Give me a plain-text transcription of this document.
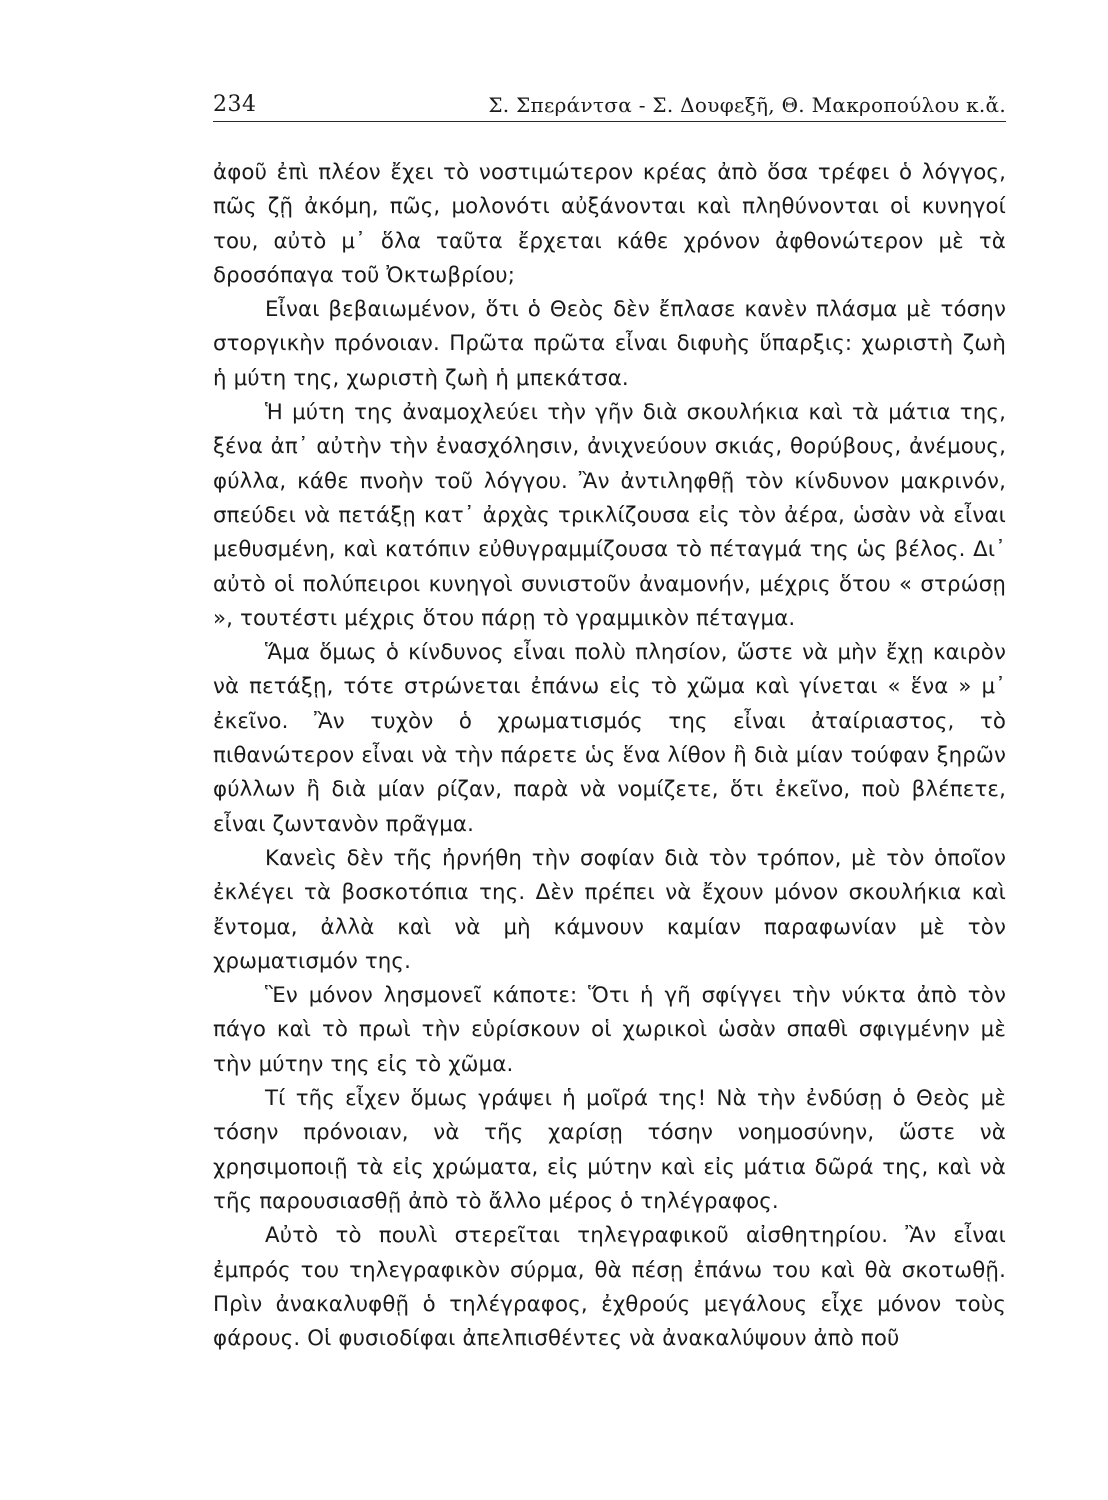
234	Σ. Σπεράντσα - Σ. Δουφεξῆ, Θ. Μακροπούλου κ.ἄ.

ἀφοῦ ἐπὶ πλέον ἔχει τὸ νοστιμώτερον κρέας ἀπὸ ὅσα τρέφει ὁ λόγγος, πῶς ζῇ ἀκόμη, πῶς, μολονότι αὐξάνονται καὶ πληθύνονται οἱ κυνηγοί του, αὐτὸ μ᾽ ὅλα ταῦτα ἔρχεται κάθε χρόνον ἀφθονώτερον μὲ τὰ δροσόπαγα τοῦ Ὀκτωβρίου;

Εἶναι βεβαιωμένον, ὅτι ὁ Θεὸς δὲν ἔπλασε κανὲν πλάσμα μὲ τόσην στοργικὴν πρόνοιαν. Πρῶτα πρῶτα εἶναι διφυὴς ὕπαρξις: χωριστὴ ζωὴ ἡ μύτη της, χωριστὴ ζωὴ ἡ μπεκάτσα.

Ἡ μύτη της ἀναμοχλεύει τὴν γῆν διὰ σκουλήκια καὶ τὰ μάτια της, ξένα ἀπ᾽ αὐτὴν τὴν ἐνασχόλησιν, ἀνιχνεύουν σκιάς, θορύβους, ἀνέμους, φύλλα, κάθε πνοὴν τοῦ λόγγου. Ἂν ἀντιληφθῇ τὸν κίνδυνον μακρινόν, σπεύδει νὰ πετάξῃ κατ᾽ ἀρχὰς τρικλίζουσα εἰς τὸν ἀέρα, ὡσὰν νὰ εἶναι μεθυσμένη, καὶ κατόπιν εὐθυγραμμίζουσα τὸ πέταγμά της ὡς βέλος. Δι᾽ αὐτὸ οἱ πολύπειροι κυνηγοὶ συνιστοῦν ἀναμονήν, μέχρις ὅτου « στρώσῃ », τουτέστι μέχρις ὅτου πάρῃ τὸ γραμμικὸν πέταγμα.

Ἅμα ὅμως ὁ κίνδυνος εἶναι πολὺ πλησίον, ὥστε νὰ μὴν ἔχῃ καιρὸν νὰ πετάξῃ, τότε στρώνεται ἐπάνω εἰς τὸ χῶμα καὶ γίνεται « ἕνα » μ᾽ ἐκεῖνο. Ἂν τυχὸν ὁ χρωματισμός της εἶναι ἀταίριαστος, τὸ πιθανώτερον εἶναι νὰ τὴν πάρετε ὡς ἕνα λίθον ἢ διὰ μίαν τούφαν ξηρῶν φύλλων ἢ διὰ μίαν ρίζαν, παρὰ νὰ νομίζετε, ὅτι ἐκεῖνο, ποὺ βλέπετε, εἶναι ζωντανὸν πρᾶγμα.

Κανεὶς δὲν τῆς ἠρνήθη τὴν σοφίαν διὰ τὸν τρόπον, μὲ τὸν ὁποῖον ἐκλέγει τὰ βοσκοτόπια της. Δὲν πρέπει νὰ ἔχουν μόνον σκουλήκια καὶ ἔντομα, ἀλλὰ καὶ νὰ μὴ κάμνουν καμίαν παραφωνίαν μὲ τὸν χρωματισμόν της.

Ἓν μόνον λησμονεῖ κάποτε: Ὅτι ἡ γῆ σφίγγει τὴν νύκτα ἀπὸ τὸν πάγο καὶ τὸ πρωὶ τὴν εὑρίσκουν οἱ χωρικοὶ ὡσὰν σπαθὶ σφιγμένην μὲ τὴν μύτην της εἰς τὸ χῶμα.

Τί τῆς εἶχεν ὅμως γράψει ἡ μοῖρά της! Νὰ τὴν ἐνδύσῃ ὁ Θεὸς μὲ τόσην πρόνοιαν, νὰ τῆς χαρίσῃ τόσην νοημοσύνην, ὥστε νὰ χρησιμοποιῇ τὰ εἰς χρώματα, εἰς μύτην καὶ εἰς μάτια δῶρά της, καὶ νὰ τῆς παρουσιασθῇ ἀπὸ τὸ ἄλλο μέρος ὁ τηλέγραφος.

Αὐτὸ τὸ πουλὶ στερεῖται τηλεγραφικοῦ αἰσθητηρίου. Ἂν εἶναι ἐμπρός του τηλεγραφικὸν σύρμα, θὰ πέσῃ ἐπάνω του καὶ θὰ σκοτωθῇ. Πρὶν ἀνακαλυφθῇ ὁ τηλέγραφος, ἐχθρούς μεγάλους εἶχε μόνον τοὺς φάρους. Οἱ φυσιοδίφαι ἀπελπισθέντες νὰ ἀνακαλύψουν ἀπὸ ποῦ
